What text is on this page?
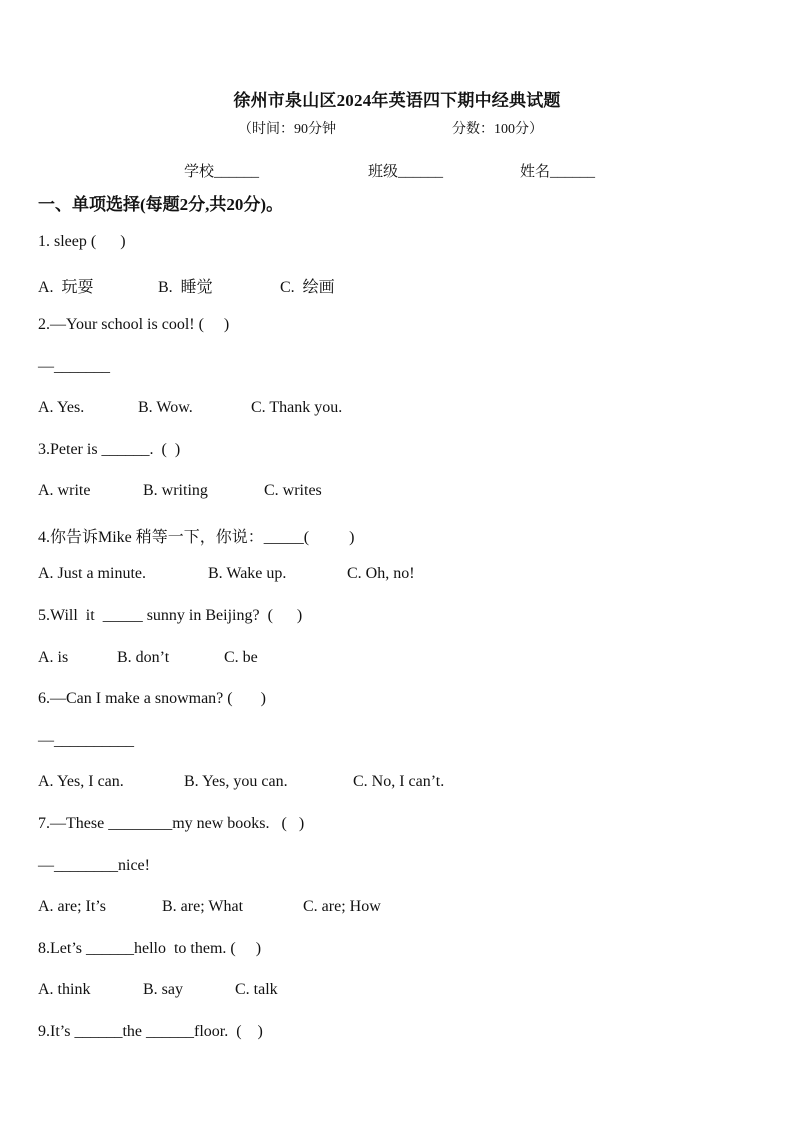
徐州市泉山区2024年英语四下期中经典试题
（时间：90分钟	分数：100分）
学校______	班级______	姓名______
一、单项选择(每题2分,共20分)。
1. sleep (      )
A.  玩耍	B.  睡觉	C.  绘画
2.—Your school is cool! (     )
—_______
A. Yes.	B. Wow.	C. Thank you.
3.Peter is ______.  (  )
A. write	B. writing	C. writes
4.你告诉Mike 稍等一下，你说：_____(          )
A. Just a minute.	B. Wake up.	C. Oh, no!
5.Will  it  _____ sunny in Beijing?  (      )
A. is	B. don’t	C. be
6.—Can I make a snowman? (       )
—__________
A. Yes, I can.	B. Yes, you can.	C. No, I can’t.
7.—These ________my new books.   (   )
—________nice!
A. are; It’s	B. are; What	C. are; How
8.Let’s ______hello  to them. (     )
A. think	B. say	C. talk
9.It’s ______the ______floor.  (    )
